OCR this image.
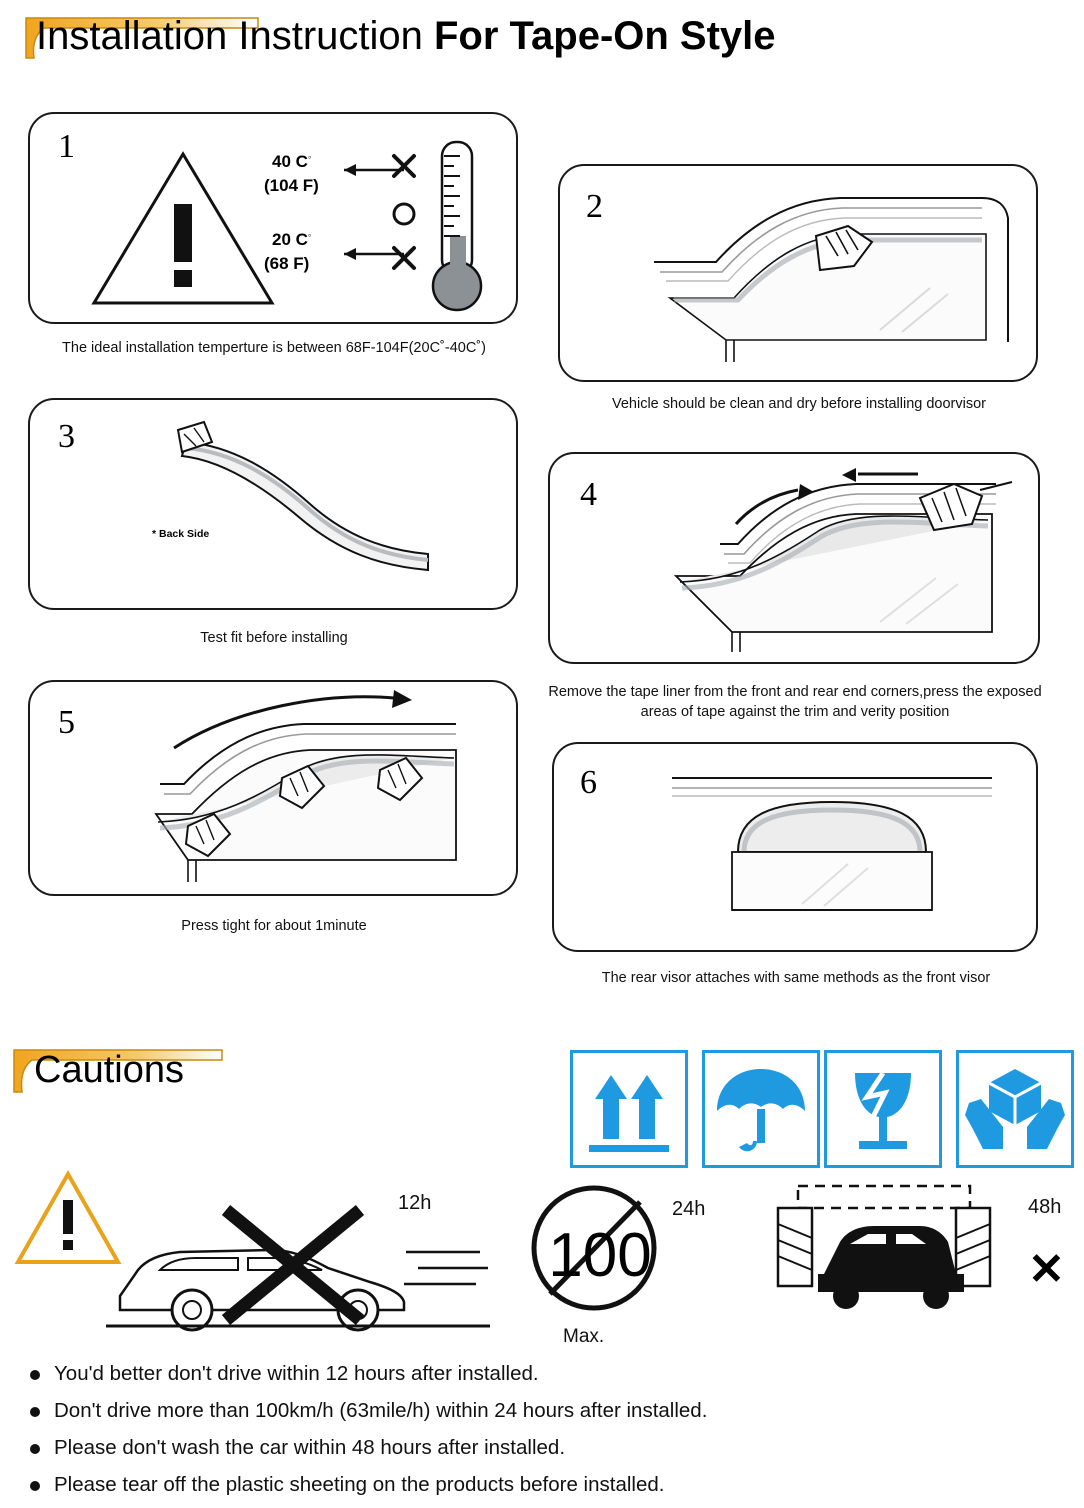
Installation Instruction For Tape-On Style
1	40 C◦
(104 F)
20 C◦
(68 F)
The ideal installation temperture is between 68F-104F(20C˚-40C˚)
2
Vehicle should be clean and dry before installing doorvisor
3
* Back Side
Test fit before installing
4
Remove the tape liner from the front and rear end corners,press the exposed areas of tape against the trim and verity position
5
Press tight for about 1minute
6
The rear visor attaches with same methods as the front visor
Cautions
12h
100
Max.
24h	48h
✕
You'd better don't drive within 12 hours after installed.
Don't drive more than 100km/h (63mile/h) within 24 hours after installed.
Please don't wash the car within 48 hours after installed.
Please tear off the plastic sheeting on the products before installed.
